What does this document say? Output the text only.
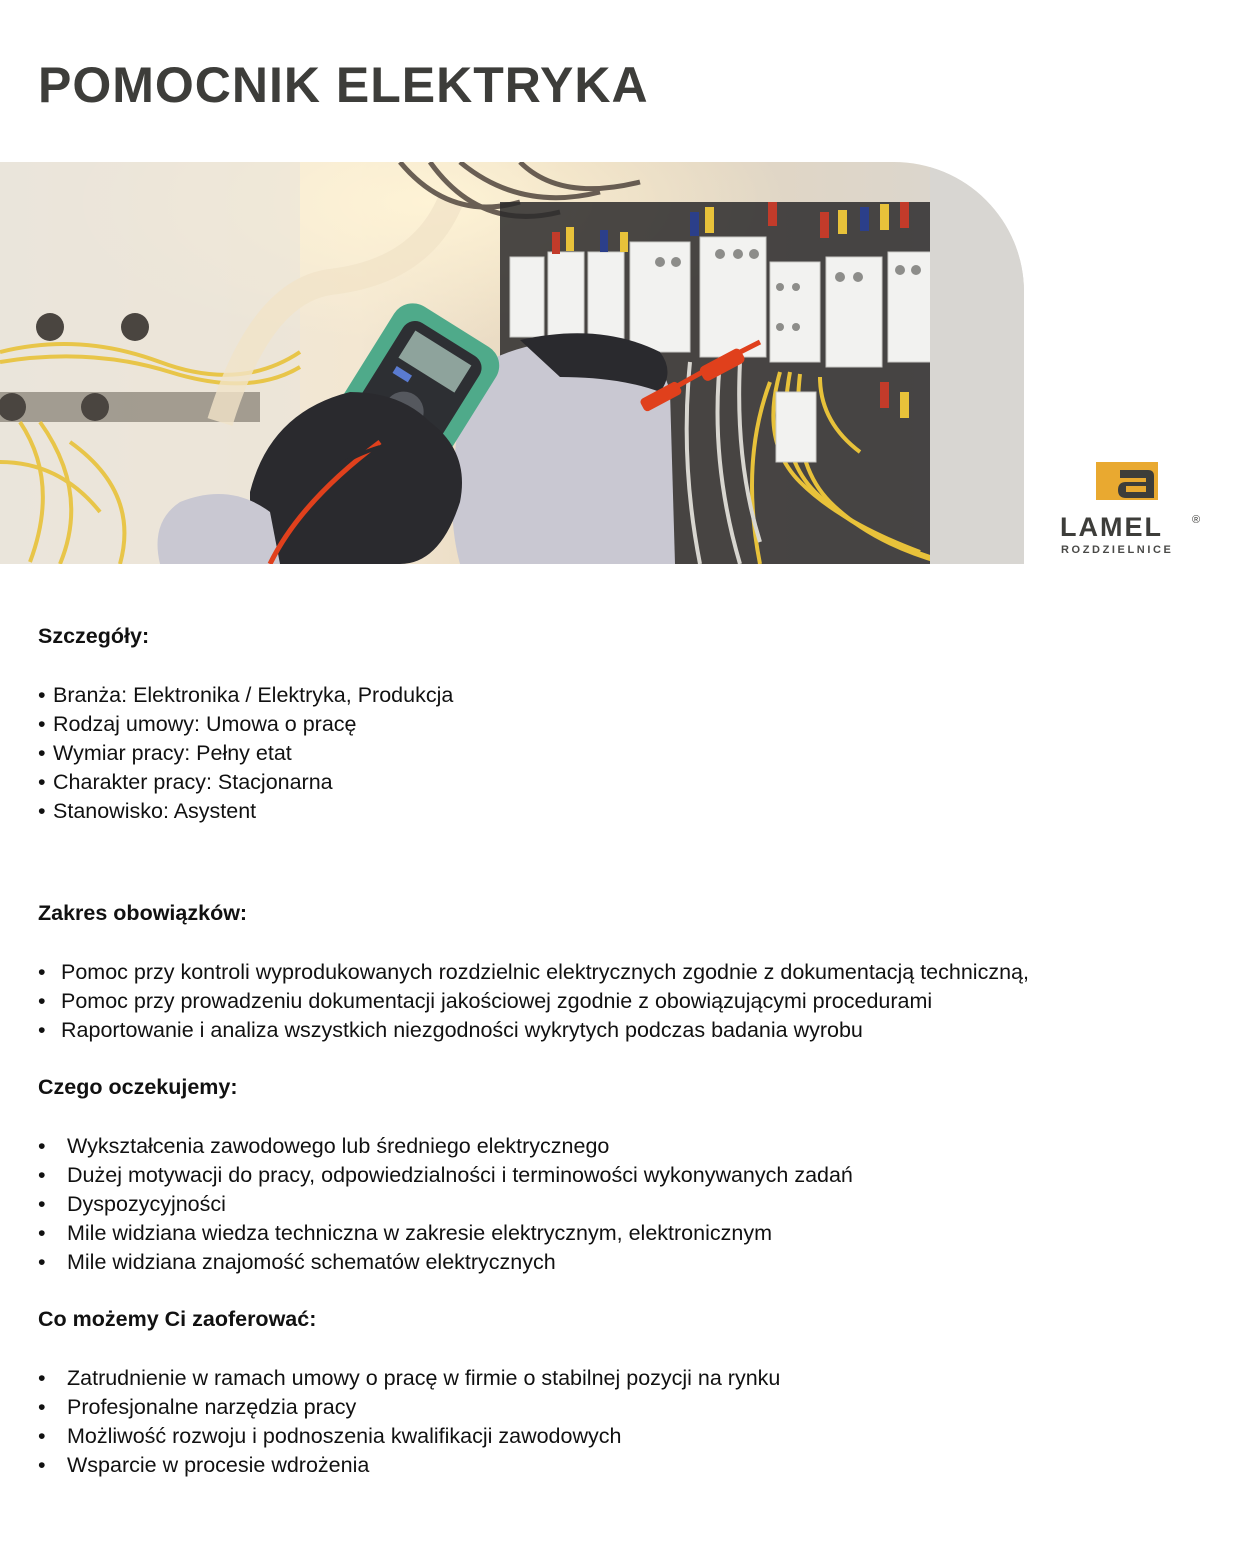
POMOCNIK ELEKTRYKA
LAMEL	®
ROZDZIELNICE

Szczegóły:

• Branża: Elektronika / Elektryka, Produkcja
• Rodzaj umowy: Umowa o pracę
• Wymiar pracy: Pełny etat
• Charakter pracy: Stacjonarna
• Stanowisko: Asystent

Zakres obowiązków:

• Pomoc przy kontroli wyprodukowanych rozdzielnic elektrycznych zgodnie z dokumentacją techniczną,
• Pomoc przy prowadzeniu dokumentacji jakościowej zgodnie z obowiązującymi procedurami
• Raportowanie i analiza wszystkich niezgodności wykrytych podczas badania wyrobu

Czego oczekujemy:

• Wykształcenia zawodowego lub średniego elektrycznego
• Dużej motywacji do pracy, odpowiedzialności i terminowości wykonywanych zadań
• Dyspozycyjności
• Mile widziana wiedza techniczna w zakresie elektrycznym, elektronicznym
• Mile widziana znajomość schematów elektrycznych

Co możemy Ci zaoferować:

• Zatrudnienie w ramach umowy o pracę w firmie o stabilnej pozycji na rynku
• Profesjonalne narzędzia pracy
• Możliwość rozwoju i podnoszenia kwalifikacji zawodowych
• Wsparcie w procesie wdrożenia
